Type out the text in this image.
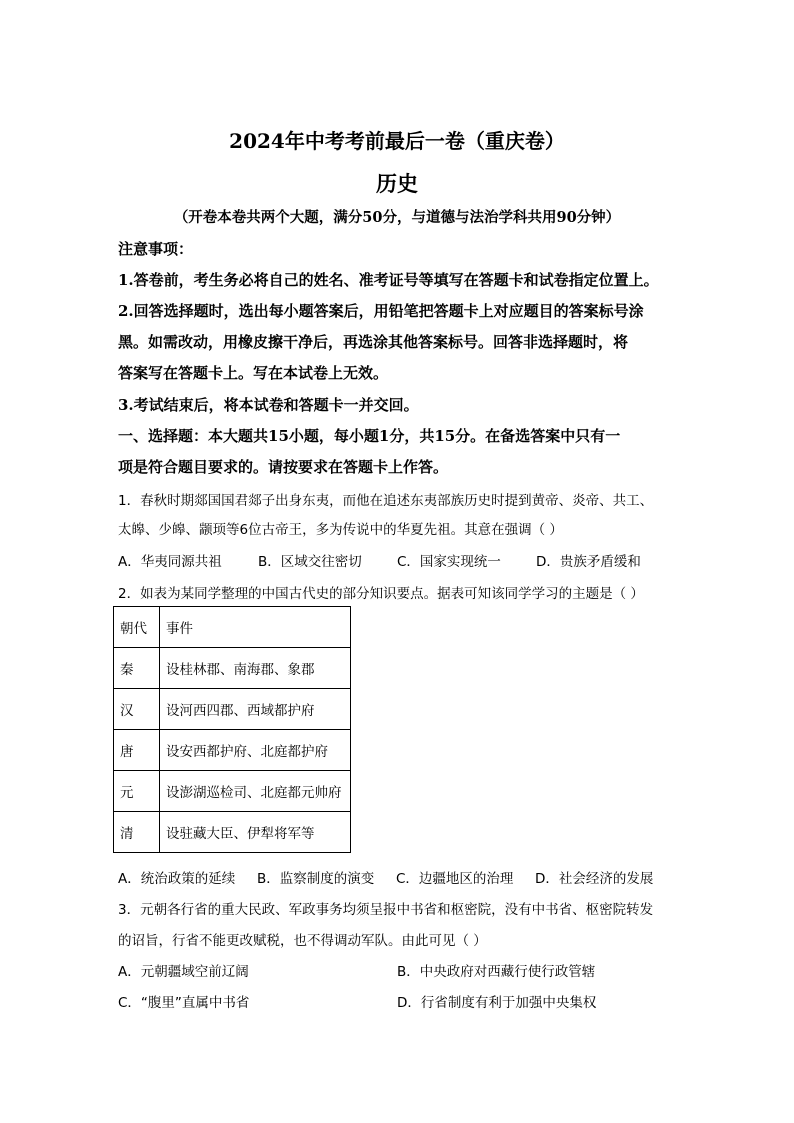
2024年中考考前最后一卷（重庆卷）
历史
（开卷本卷共两个大题，满分50分，与道德与法治学科共用90分钟）
注意事项：
1.答卷前，考生务必将自己的姓名、准考证号等填写在答题卡和试卷指定位置上。
2.回答选择题时，选出每小题答案后，用铅笔把答题卡上对应题目的答案标号涂
黑。如需改动，用橡皮擦干净后，再选涂其他答案标号。回答非选择题时，将
答案写在答题卡上。写在本试卷上无效。
3.考试结束后，将本试卷和答题卡一并交回。
一、选择题：本大题共15小题，每小题1分，共15分。在备选答案中只有一
项是符合题目要求的。请按要求在答题卡上作答。
1．春秋时期郯国国君郯子出身东夷，而他在追述东夷部族历史时提到黄帝、炎帝、共工、
太皞、少皞、颛顼等6位古帝王，多为传说中的华夏先祖。其意在强调（ ）
A．华夷同源共祖	B．区域交往密切	C．国家实现统一	D．贵族矛盾缓和
2．如表为某同学整理的中国古代史的部分知识要点。据表可知该同学学习的主题是（ ）
朝代	事件
秦	设桂林郡、南海郡、象郡
汉	设河西四郡、西域都护府
唐	设安西都护府、北庭都护府
元	设澎湖巡检司、北庭都元帅府
清	设驻藏大臣、伊犁将军等
A．统治政策的延续 B．监察制度的演变 C．边疆地区的治理 D．社会经济的发展
3．元朝各行省的重大民政、军政事务均须呈报中书省和枢密院，没有中书省、枢密院转发
的诏旨，行省不能更改赋税，也不得调动军队。由此可见（ ）
A．元朝疆域空前辽阔	B．中央政府对西藏行使行政管辖
C．“腹里”直属中书省	D．行省制度有利于加强中央集权
